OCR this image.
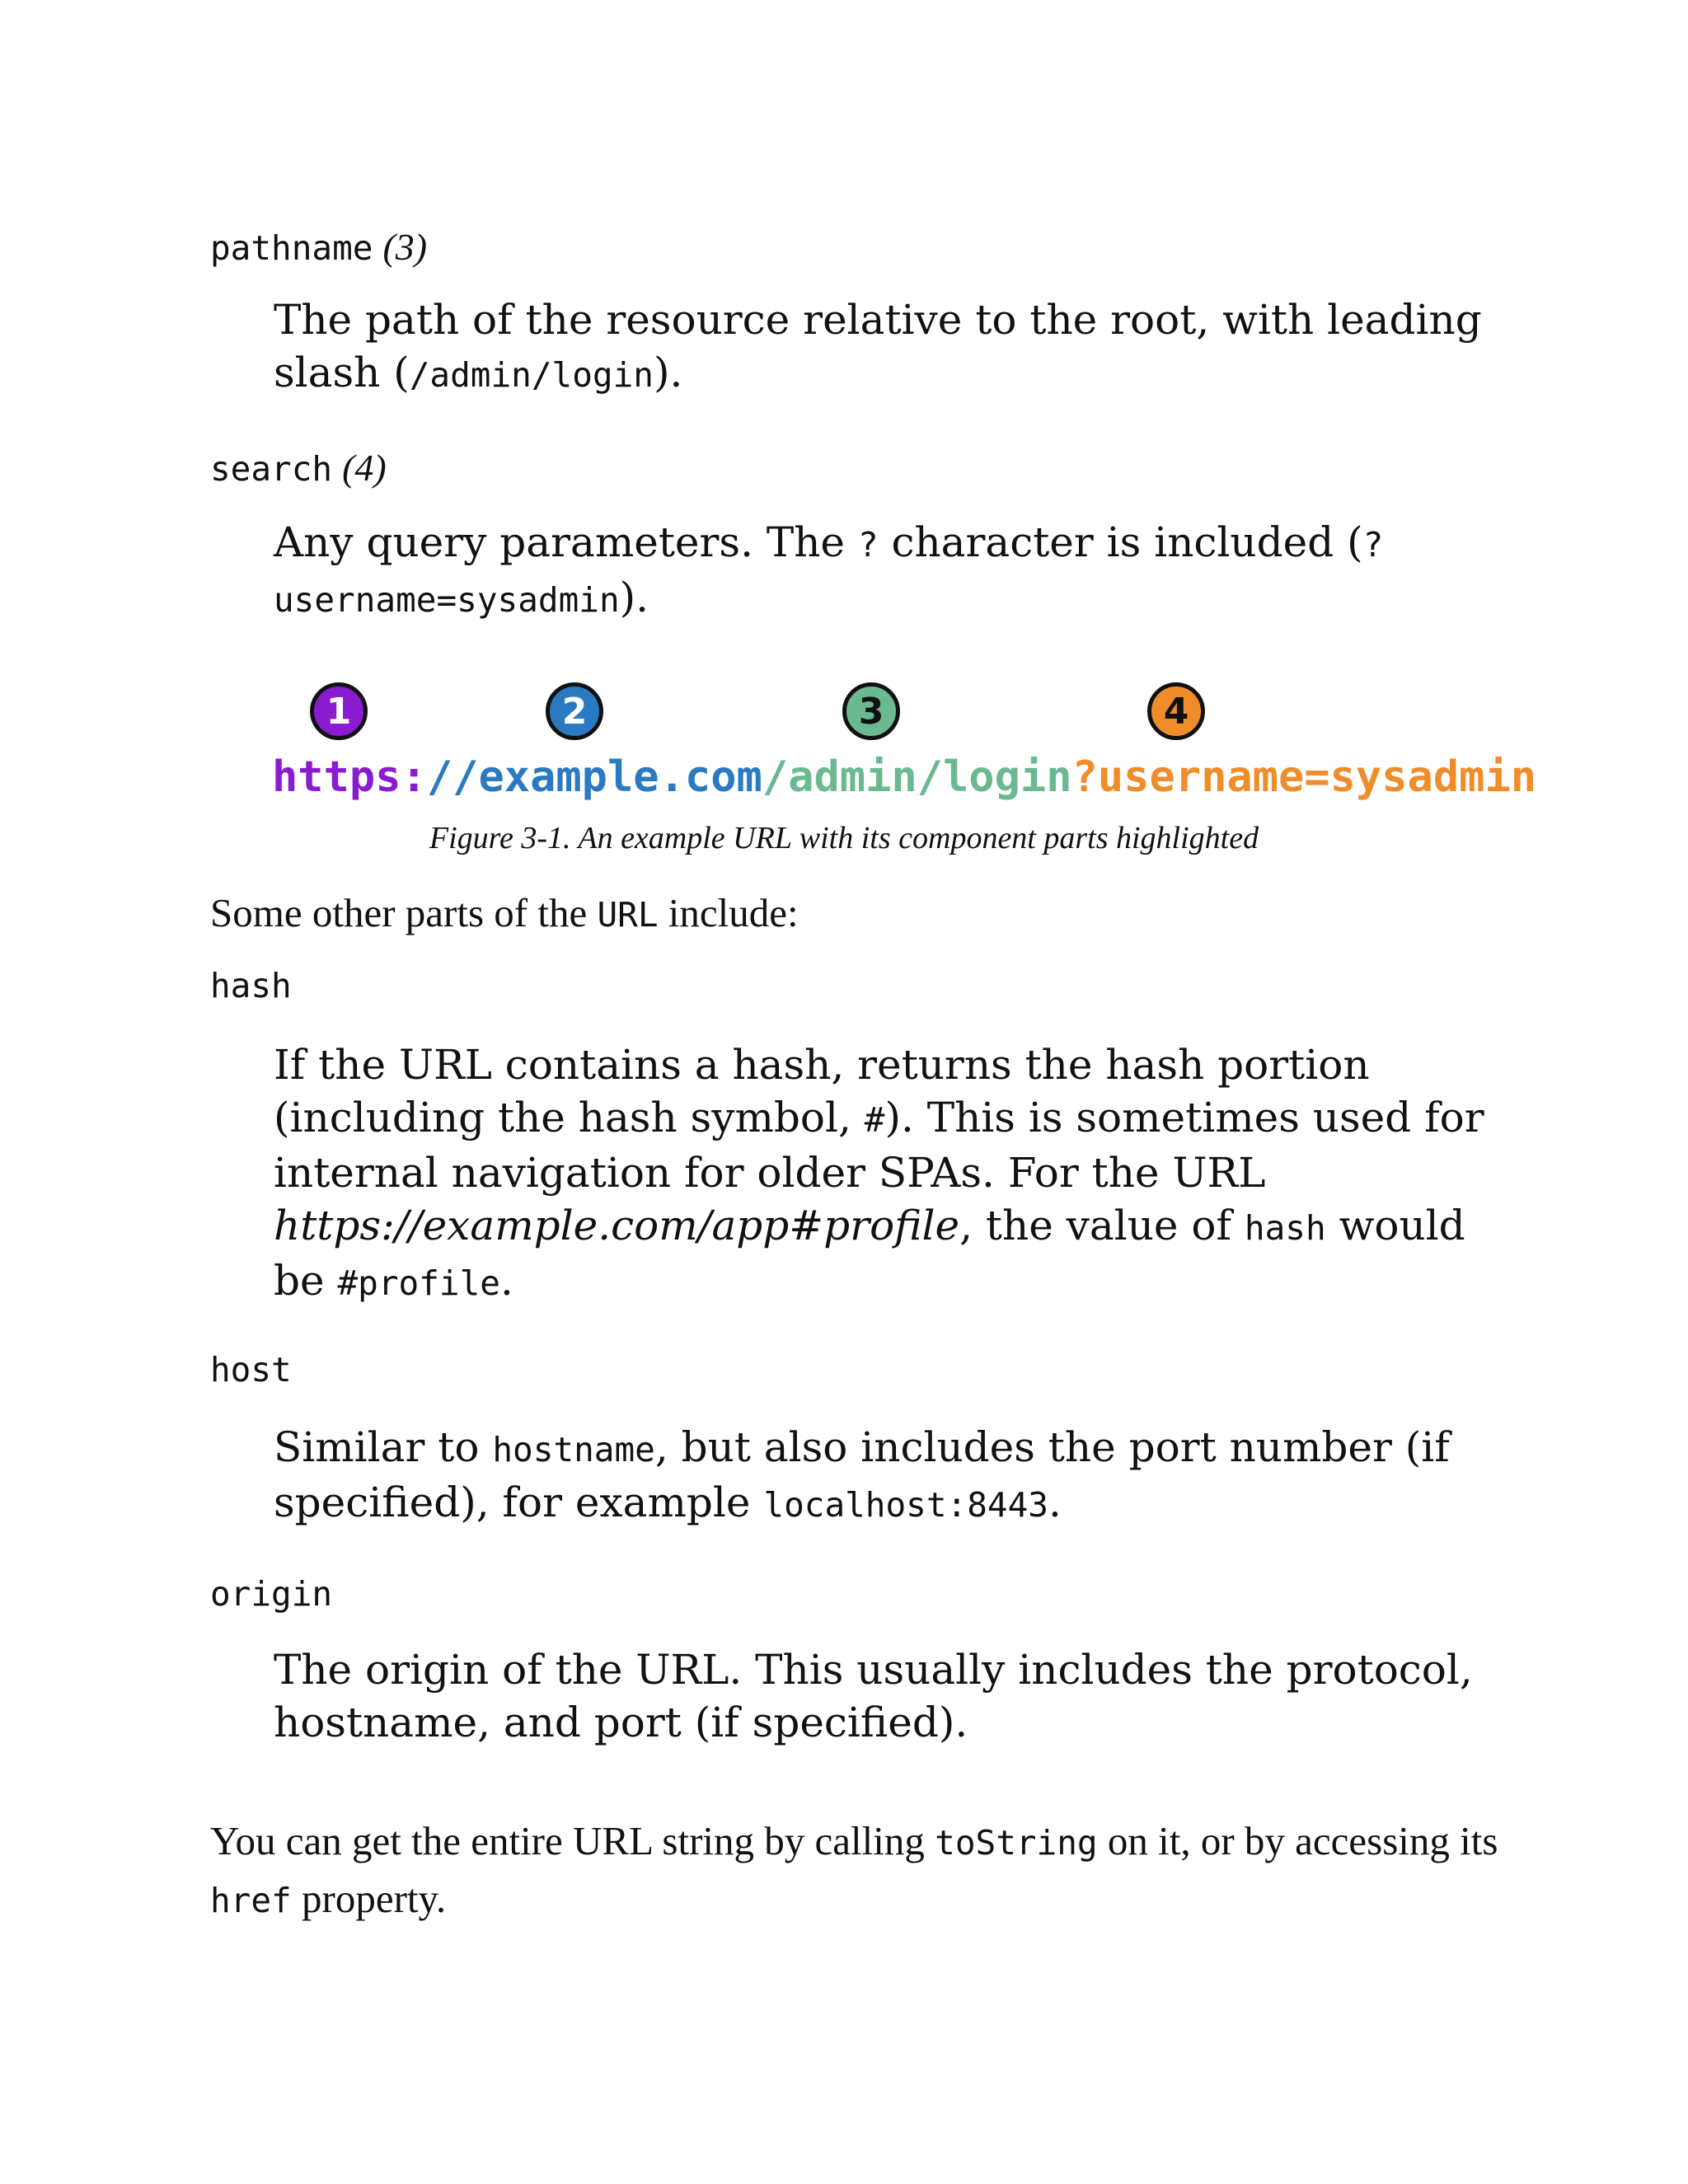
pathname (3)
The path of the resource relative to the root, with leading slash (/admin/login).
search (4)
Any query parameters. The ? character is included (?username=sysadmin).
1	2	3	4
https://example.com/admin/login?username=sysadmin
Figure 3-1. An example URL with its component parts highlighted
Some other parts of the URL include:
hash
If the URL contains a hash, returns the hash portion (including the hash symbol, #). This is sometimes used for internal navigation for older SPAs. For the URL https://example.com/app#profile, the value of hash would be #profile.
host
Similar to hostname, but also includes the port number (if specified), for example localhost:8443.
origin
The origin of the URL. This usually includes the protocol, hostname, and port (if specified).
You can get the entire URL string by calling toString on it, or by accessing its href property.
